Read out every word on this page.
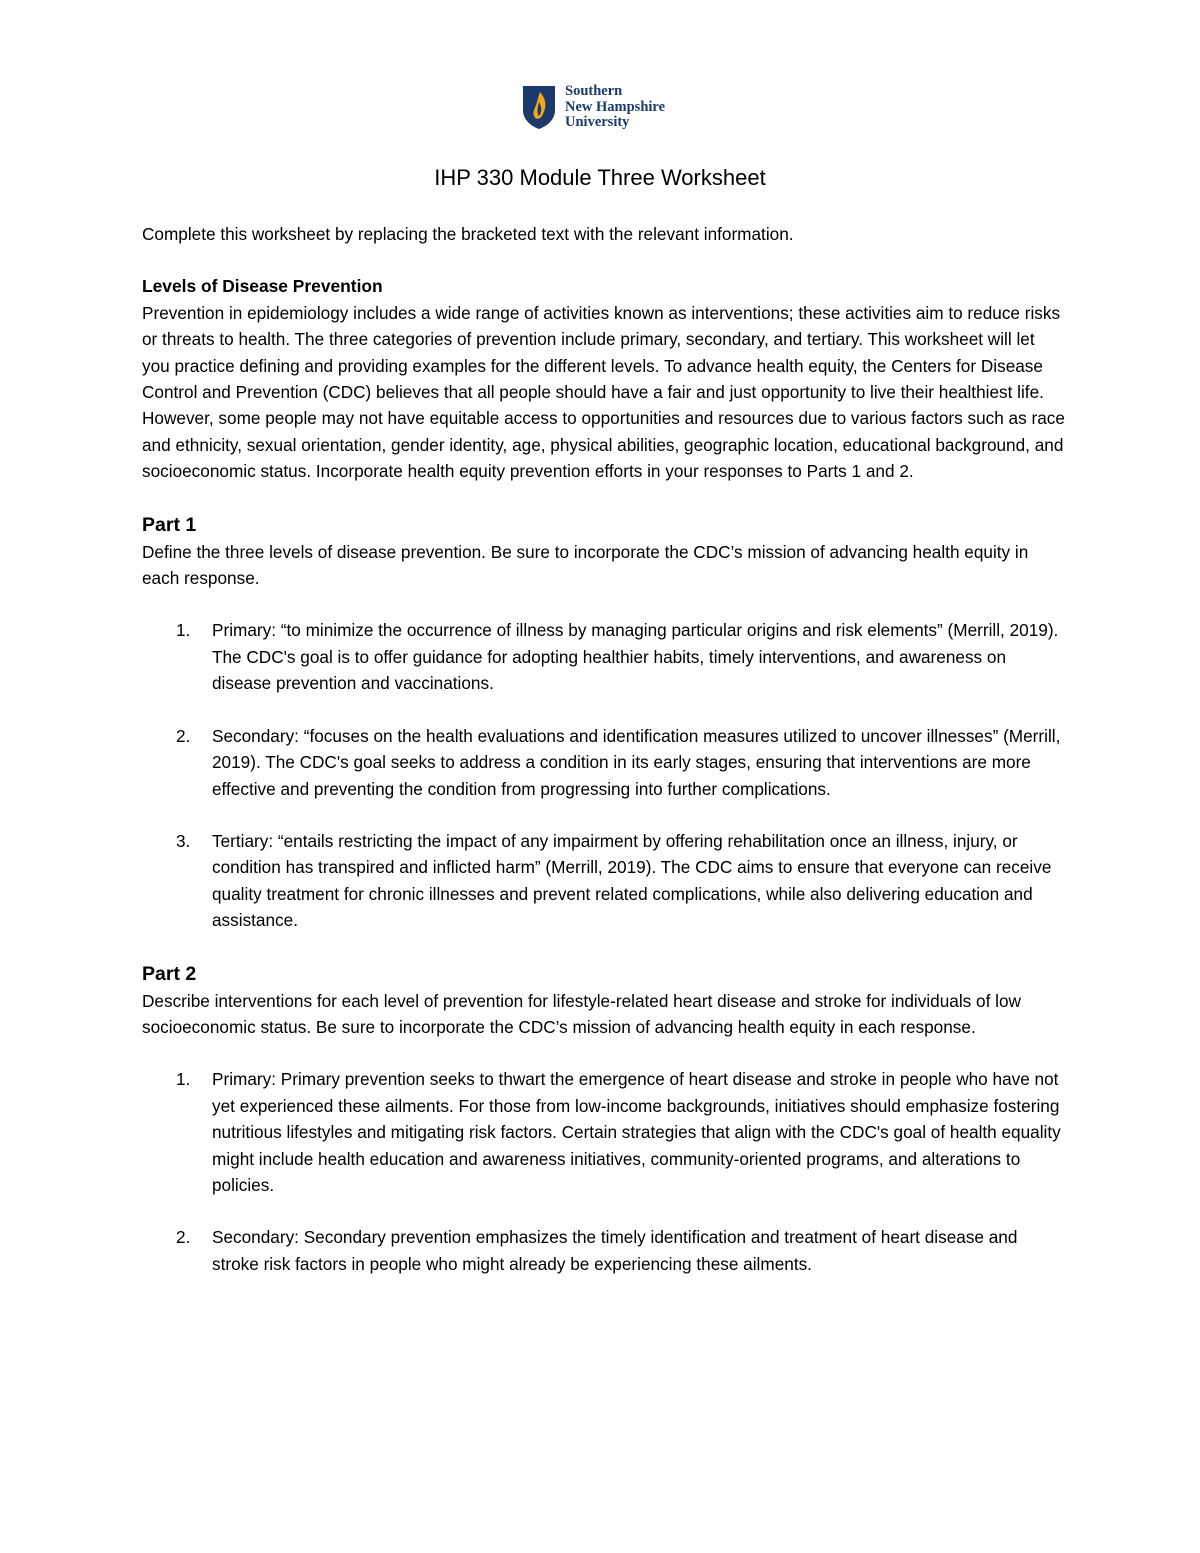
Southern
New Hampshire
University
IHP 330 Module Three Worksheet

Complete this worksheet by replacing the bracketed text with the relevant information.

Levels of Disease Prevention

Prevention in epidemiology includes a wide range of activities known as interventions; these activities aim to reduce risks or threats to health. The three categories of prevention include primary, secondary, and tertiary. This worksheet will let you practice defining and providing examples for the different levels. To advance health equity, the Centers for Disease Control and Prevention (CDC) believes that all people should have a fair and just opportunity to live their healthiest life. However, some people may not have equitable access to opportunities and resources due to various factors such as race and ethnicity, sexual orientation, gender identity, age, physical abilities, geographic location, educational background, and socioeconomic status. Incorporate health equity prevention efforts in your responses to Parts 1 and 2.

Part 1

Define the three levels of disease prevention. Be sure to incorporate the CDC’s mission of advancing health equity in each response.

1. Primary: “to minimize the occurrence of illness by managing particular origins and risk elements” (Merrill, 2019). The CDC's goal is to offer guidance for adopting healthier habits, timely interventions, and awareness on disease prevention and vaccinations.
2. Secondary: “focuses on the health evaluations and identification measures utilized to uncover illnesses” (Merrill, 2019). The CDC's goal seeks to address a condition in its early stages, ensuring that interventions are more effective and preventing the condition from progressing into further complications.
3. Tertiary: “entails restricting the impact of any impairment by offering rehabilitation once an illness, injury, or condition has transpired and inflicted harm” (Merrill, 2019). The CDC aims to ensure that everyone can receive quality treatment for chronic illnesses and prevent related complications, while also delivering education and assistance.

Part 2

Describe interventions for each level of prevention for lifestyle-related heart disease and stroke for individuals of low socioeconomic status. Be sure to incorporate the CDC’s mission of advancing health equity in each response.

1. Primary: Primary prevention seeks to thwart the emergence of heart disease and stroke in people who have not yet experienced these ailments. For those from low-income backgrounds, initiatives should emphasize fostering nutritious lifestyles and mitigating risk factors. Certain strategies that align with the CDC's goal of health equality might include health education and awareness initiatives, community-oriented programs, and alterations to policies.
2. Secondary: Secondary prevention emphasizes the timely identification and treatment of heart disease and stroke risk factors in people who might already be experiencing these ailments.
